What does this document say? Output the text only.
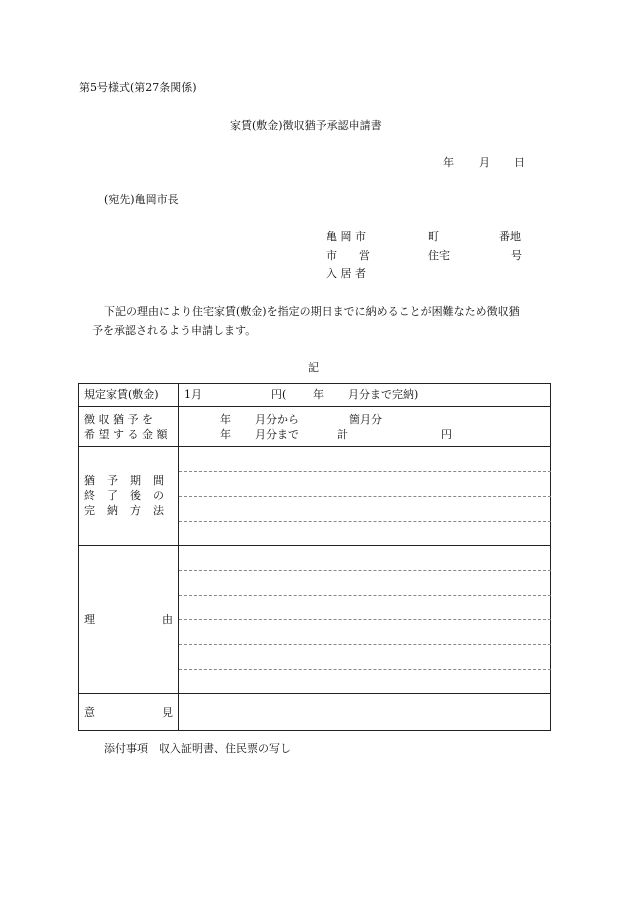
第5号様式(第27条関係)
家賃(敷金)徴収猶予承認申請書
年 月 日
(宛先)亀岡市長
亀 岡 市	町	番地
市　　営	住宅	号
入 居 者
下記の理由により住宅家賃(敷金)を指定の期日までに納めることが困難なため徴収猶
予を承認されるよう申請します。
記
規定家賃(敷金) 1月	円( 年 月分まで完納)
徴 収 猶 予 を
希 望 す る 金 額
年 月分から	箇月分
年 月分まで	計	円
猶　予　期　間
終　了　後　の
完　納　方　法
理	由
意	見
添付事項　収入証明書、住民票の写し
